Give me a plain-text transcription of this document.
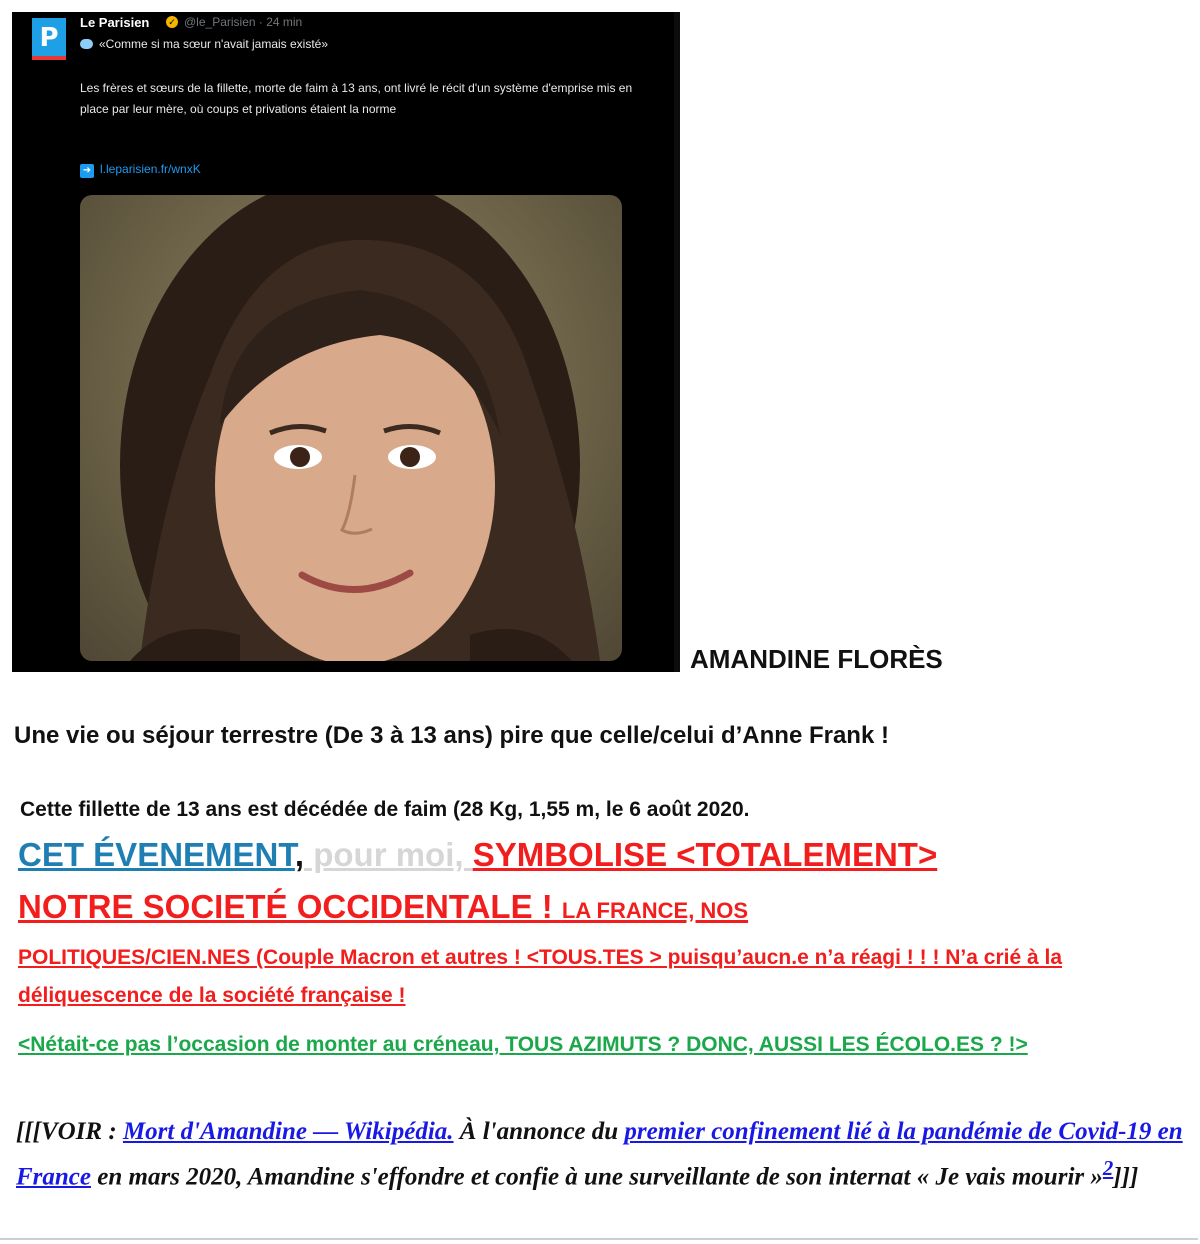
P
Le Parisien ✓ @le_Parisien · 24 min
«Comme si ma sœur n'avait jamais existé»
Les frères et sœurs de la fillette, morte de faim à 13 ans, ont livré le récit d'un système d'emprise mis en place par leur mère, où coups et privations étaient la norme
➜ l.leparisien.fr/wnxK
AMANDINE FLORÈS
Une vie ou séjour terrestre (De 3 à 13 ans) pire que celle/celui d’Anne Frank !
Cette fillette de 13 ans est décédée de faim (28 Kg, 1,55 m, le 6 août 2020.
CET ÉVENEMENT, pour moi, SYMBOLISE <TOTALEMENT>
NOTRE SOCIETÉ OCCIDENTALE ! LA FRANCE, NOS
POLITIQUES/CIEN.NES (Couple Macron et autres ! <TOUS.TES > puisqu’aucn.e n’a réagi ! ! ! N’a crié à la déliquescence de la société française !
<Nétait-ce pas l’occasion de monter au créneau, TOUS AZIMUTS ? DONC, AUSSI LES ÉCOLO.ES ? !>
[[[VOIR : Mort d'Amandine — Wikipédia. À l'annonce du premier confinement lié à la pandémie de Covid-19 en France en mars 2020, Amandine s'effondre et confie à une surveillante de son internat « Je vais mourir »$^2$]]]
